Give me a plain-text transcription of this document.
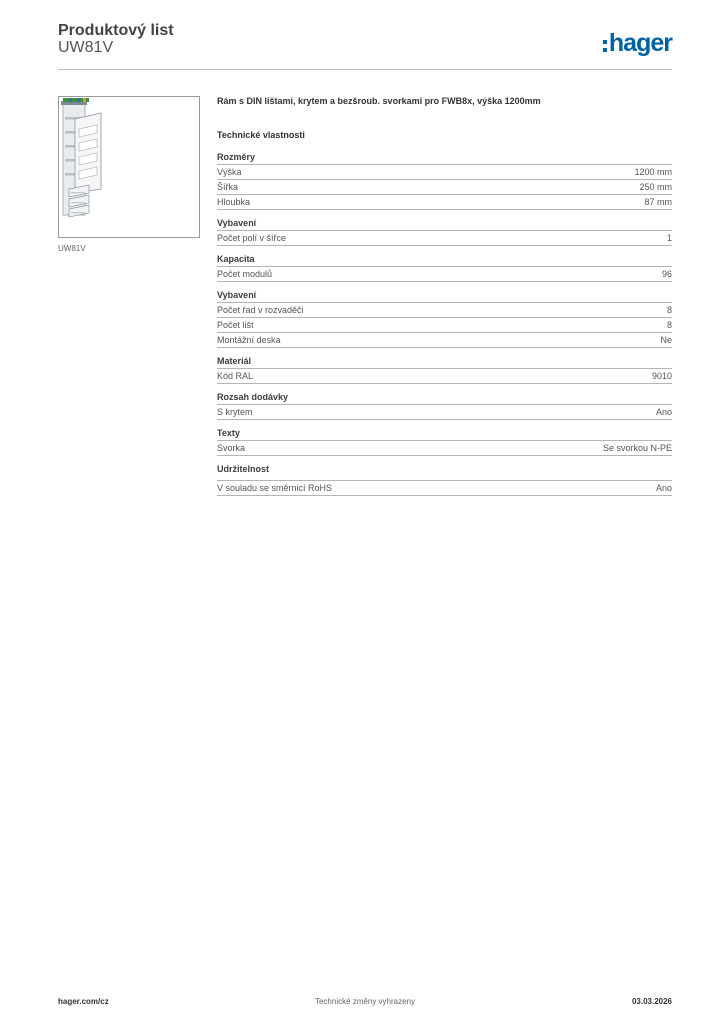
Produktový list
UW81V	hager
UW81V
Rám s DIN lištami, krytem a bezšroub. svorkami pro FWB8x, výška 1200mm
Technické vlastnosti
Rozměry
Výška	1200 mm
Šířka	250 mm
Hloubka	87 mm
Vybavení
Počet polí v šířce	1
Kapacita
Počet modulů	96
Vybavení
Počet řad v rozvaděči	8
Počet lišt	8
Montážní deska	Ne
Materiál
Kód RAL	9010
Rozsah dodávky
S krytem	Ano
Texty
Svorka	Se svorkou N-PE
Udržitelnost
V souladu se směrnicí RoHS	Ano
hager.com/cz	Technické změny vyhrazeny	03.03.2026
